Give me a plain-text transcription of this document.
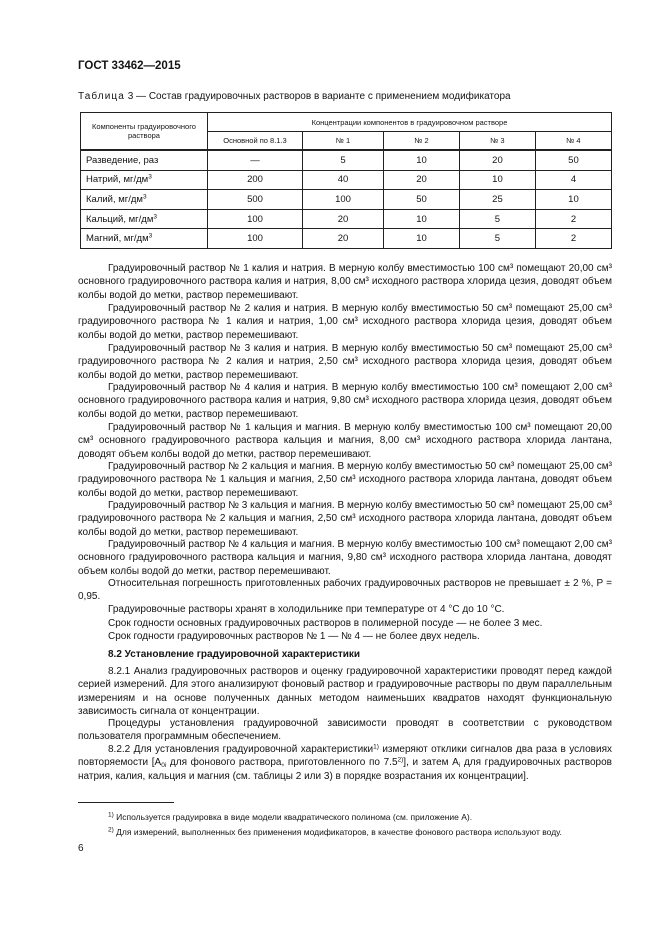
ГОСТ 33462—2015
Таблица 3 — Состав градуировочных растворов в варианте с применением модификатора
Компоненты градуировочного раствора	Концентрации компонентов в градуировочном растворе				
	Основной по 8.1.3	№ 1	№ 2	№ 3	№ 4
Разведение, раз	—	5	10	20	50
Натрий, $мг/дм^3$	200	40	20	10	4
Калий, $мг/дм^3$	500	100	50	25	10
Кальций, $мг/дм^3$	100	20	10	5	2
Магний, $мг/дм^3$	100	20	10	5	2

Градуировочный раствор № 1 калия и натрия. В мерную колбу вместимостью 100 см³ помещают 20,00 см³ основного градуировочного раствора калия и натрия, 8,00 см³ исходного раствора хлорида цезия, доводят объем колбы водой до метки, раствор перемешивают.

Градуировочный раствор № 2 калия и натрия. В мерную колбу вместимостью 50 см³ помещают 25,00 см³ градуировочного раствора № 1 калия и натрия, 1,00 см³ исходного раствора хлорида цезия, доводят объем колбы водой до метки, раствор перемешивают.

Градуировочный раствор № 3 калия и натрия. В мерную колбу вместимостью 50 см³ помещают 25,00 см³ градуировочного раствора № 2 калия и натрия, 2,50 см³ исходного раствора хлорида цезия, доводят объем колбы водой до метки, раствор перемешивают.

Градуировочный раствор № 4 калия и натрия. В мерную колбу вместимостью 100 см³ помещают 2,00 см³ основного градуировочного раствора калия и натрия, 9,80 см³ исходного раствора хлорида цезия, доводят объем колбы водой до метки, раствор перемешивают.

Градуировочный раствор № 1 кальция и магния. В мерную колбу вместимостью 100 см³ помещают 20,00 см³ основного градуировочного раствора кальция и магния, 8,00 см³ исходного раствора хлорида лантана, доводят объем колбы водой до метки, раствор перемешивают.

Градуировочный раствор № 2 кальция и магния. В мерную колбу вместимостью 50 см³ помещают 25,00 см³ градуировочного раствора № 1 кальция и магния, 2,50 см³ исходного раствора хлорида лантана, доводят объем колбы водой до метки, раствор перемешивают.

Градуировочный раствор № 3 кальция и магния. В мерную колбу вместимостью 50 см³ помещают 25,00 см³ градуировочного раствора № 2 кальция и магния, 2,50 см³ исходного раствора хлорида лантана, доводят объем колбы водой до метки, раствор перемешивают.

Градуировочный раствор № 4 кальция и магния. В мерную колбу вместимостью 100 см³ помещают 2,00 см³ основного градуировочного раствора кальция и магния, 9,80 см³ исходного раствора хлорида лантана, доводят объем колбы водой до метки, раствор перемешивают.

Относительная погрешность приготовленных рабочих градуировочных растворов не превышает ± 2 %, P = 0,95.

Градуировочные растворы хранят в холодильнике при температуре от 4 °С до 10 °С.

Срок годности основных градуировочных растворов в полимерной посуде — не более 3 мес.

Срок годности градуировочных растворов № 1 — № 4 — не более двух недель.

8.2 Установление градуировочной характеристики

8.2.1 Анализ градуировочных растворов и оценку градуировочной характеристики проводят перед каждой серией измерений. Для этого анализируют фоновый раствор и градуировочные растворы по двум параллельным измерениям и на основе полученных данных методом наименьших квадратов находят функциональную зависимость сигнала от концентрации.

Процедуры установления градуировочной зависимости проводят в соответствии с руководством пользователя программным обеспечением.

8.2.2 Для установления градуировочной характеристики$^{1)}$ измеряют отклики сигналов два раза в условиях повторяемости [$A_{0i}$ для фонового раствора, приготовленного по 7.5$^{2)}$], и затем $A_i$ для градуировочных растворов натрия, калия, кальция и магния (см. таблицы 2 или 3) в порядке возрастания их концентрации].

$^{1)}$ Используется градуировка в виде модели квадратического полинома (см. приложение А).

$^{2)}$ Для измерений, выполненных без применения модификаторов, в качестве фонового раствора используют воду.

6
